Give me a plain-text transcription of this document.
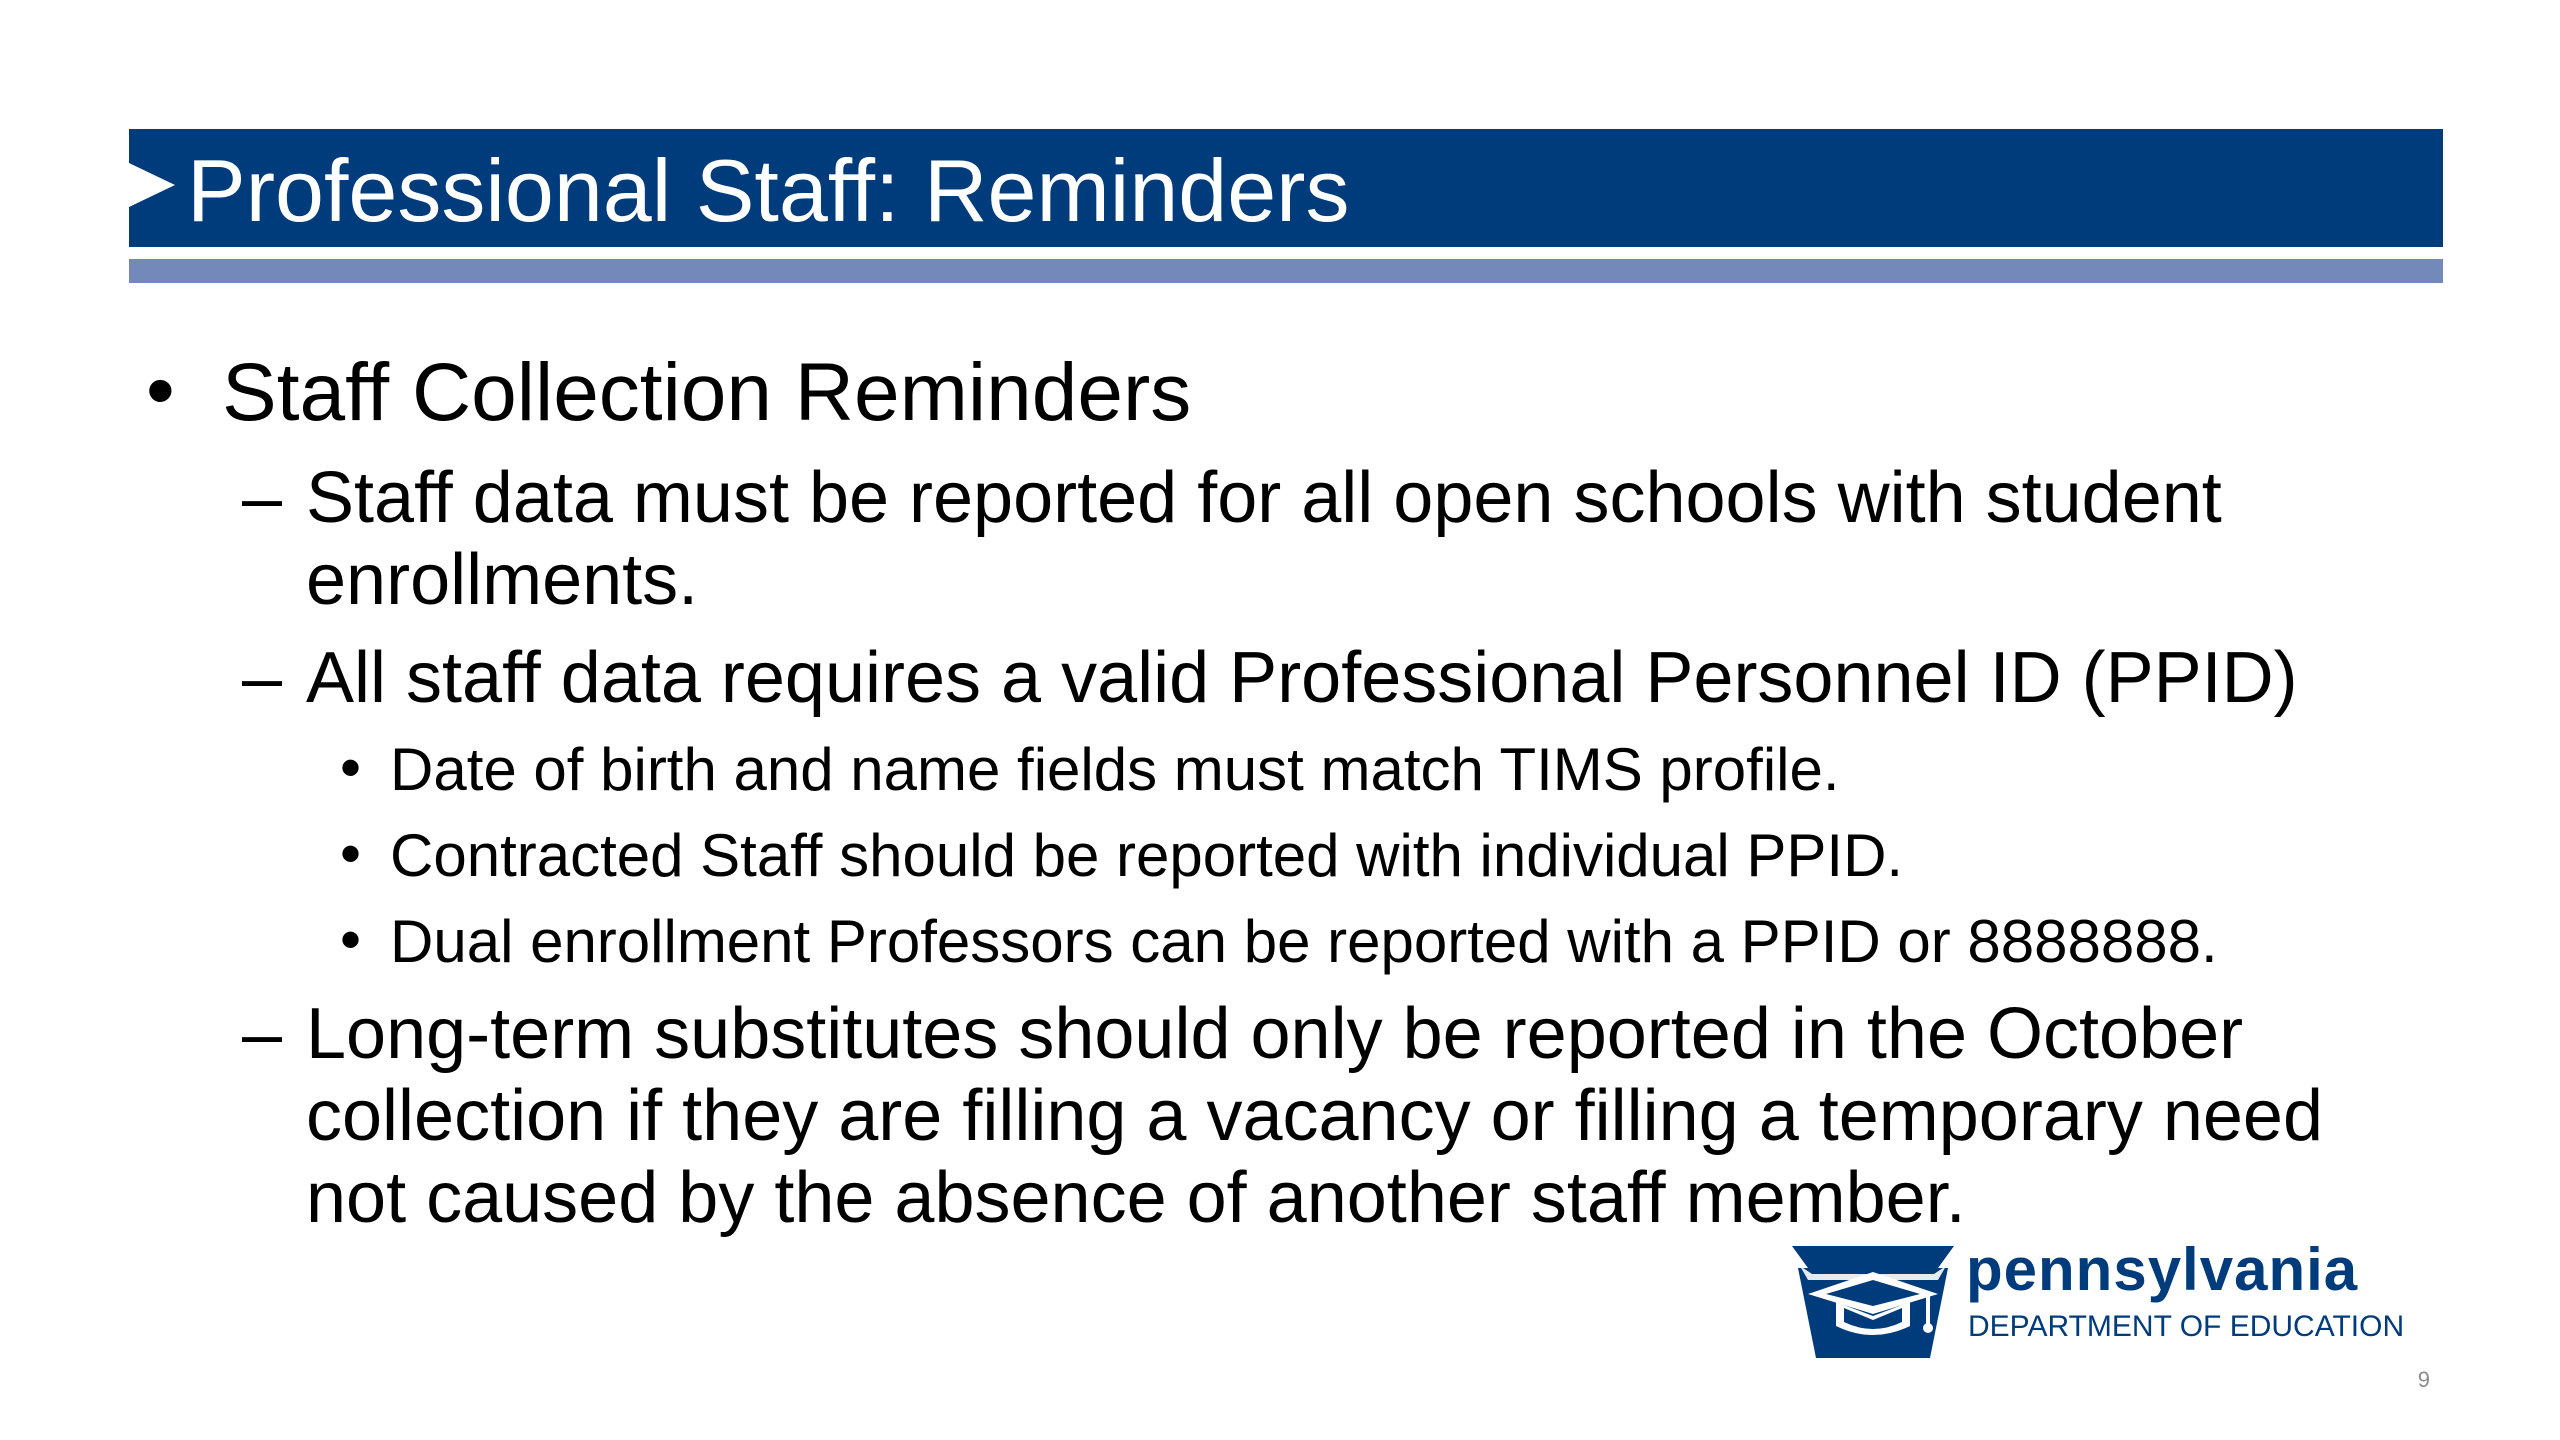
Professional Staff: Reminders
• Staff Collection Reminders
– Staff data must be reported for all open schools with student
enrollments.
– All staff data requires a valid Professional Personnel ID (PPID)
• Date of birth and name fields must match TIMS profile.
• Contracted Staff should be reported with individual PPID.
• Dual enrollment Professors can be reported with a PPID or 8888888.
– Long-term substitutes should only be reported in the October
collection if they are filling a vacancy or filling a temporary need
not caused by the absence of another staff member.
pennsylvania
DEPARTMENT OF EDUCATION
9
